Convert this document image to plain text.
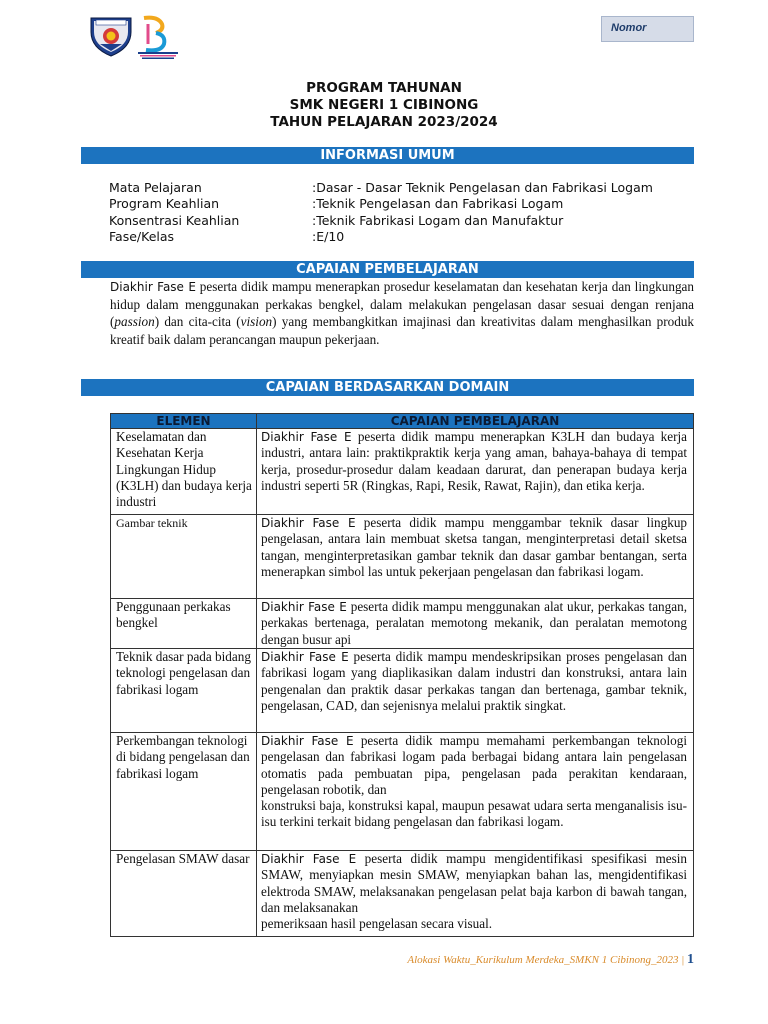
Nomor
PROGRAM TAHUNAN
SMK NEGERI 1 CIBINONG
TAHUN PELAJARAN 2023/2024
INFORMASI UMUM
Mata Pelajaran	:Dasar - Dasar Teknik Pengelasan dan Fabrikasi Logam
Program Keahlian	:Teknik Pengelasan dan Fabrikasi Logam
Konsentrasi Keahlian	:Teknik Fabrikasi Logam dan Manufaktur
Fase/Kelas	:E/10
CAPAIAN PEMBELAJARAN
Diakhir Fase E peserta didik mampu menerapkan prosedur keselamatan dan kesehatan kerja dan lingkungan hidup dalam menggunakan perkakas bengkel, dalam melakukan pengelasan dasar sesuai dengan renjana (passion) dan cita-cita (vision) yang membangkitkan imajinasi dan kreativitas dalam menghasilkan produk kreatif baik dalam perancangan maupun pekerjaan.
CAPAIAN BERDASARKAN DOMAIN
ELEMEN	CAPAIAN PEMBELAJARAN
Keselamatan dan Kesehatan Kerja Lingkungan Hidup (K3LH) dan budaya kerja industri	Diakhir Fase E peserta didik mampu menerapkan K3LH dan budaya kerja industri, antara lain: praktikpraktik kerja yang aman, bahaya-bahaya di tempat kerja, prosedur-prosedur dalam keadaan darurat, dan penerapan budaya kerja industri seperti 5R (Ringkas, Rapi, Resik, Rawat, Rajin), dan etika kerja.
Gambar teknik	Diakhir Fase E peserta didik mampu menggambar teknik dasar lingkup pengelasan, antara lain membuat sketsa tangan, menginterpretasi detail sketsa tangan, menginterpretasikan gambar teknik dan dasar gambar bentangan, serta menerapkan simbol las untuk pekerjaan pengelasan dan fabrikasi logam.
Penggunaan perkakas bengkel	Diakhir Fase E peserta didik mampu menggunakan alat ukur, perkakas tangan, perkakas bertenaga, peralatan memotong mekanik, dan peralatan memotong dengan busur api
Teknik dasar pada bidang teknologi pengelasan dan fabrikasi logam	Diakhir Fase E peserta didik mampu mendeskripsikan proses pengelasan dan fabrikasi logam yang diaplikasikan dalam industri dan konstruksi, antara lain pengenalan dan praktik dasar perkakas tangan dan bertenaga, gambar teknik, pengelasan, CAD, dan sejenisnya melalui praktik singkat.
Perkembangan teknologi di bidang pengelasan dan fabrikasi logam	Diakhir Fase E peserta didik mampu memahami perkembangan teknologi pengelasan dan fabrikasi logam pada berbagai bidang antara lain pengelasan otomatis pada pembuatan pipa, pengelasan pada perakitan kendaraan, pengelasan robotik, dan
konstruksi baja, konstruksi kapal, maupun pesawat udara serta menganalisis isu-isu terkini terkait bidang pengelasan dan fabrikasi logam.

Pengelasan SMAW dasar	Diakhir Fase E peserta didik mampu mengidentifikasi spesifikasi mesin SMAW, menyiapkan mesin SMAW, menyiapkan bahan las, mengidentifikasi elektroda SMAW, melaksanakan pengelasan pelat baja karbon di bawah tangan, dan melaksanakan
pemeriksaan hasil pengelasan secara visual.
Alokasi Waktu_Kurikulum Merdeka_SMKN 1 Cibinong_2023 | 1
